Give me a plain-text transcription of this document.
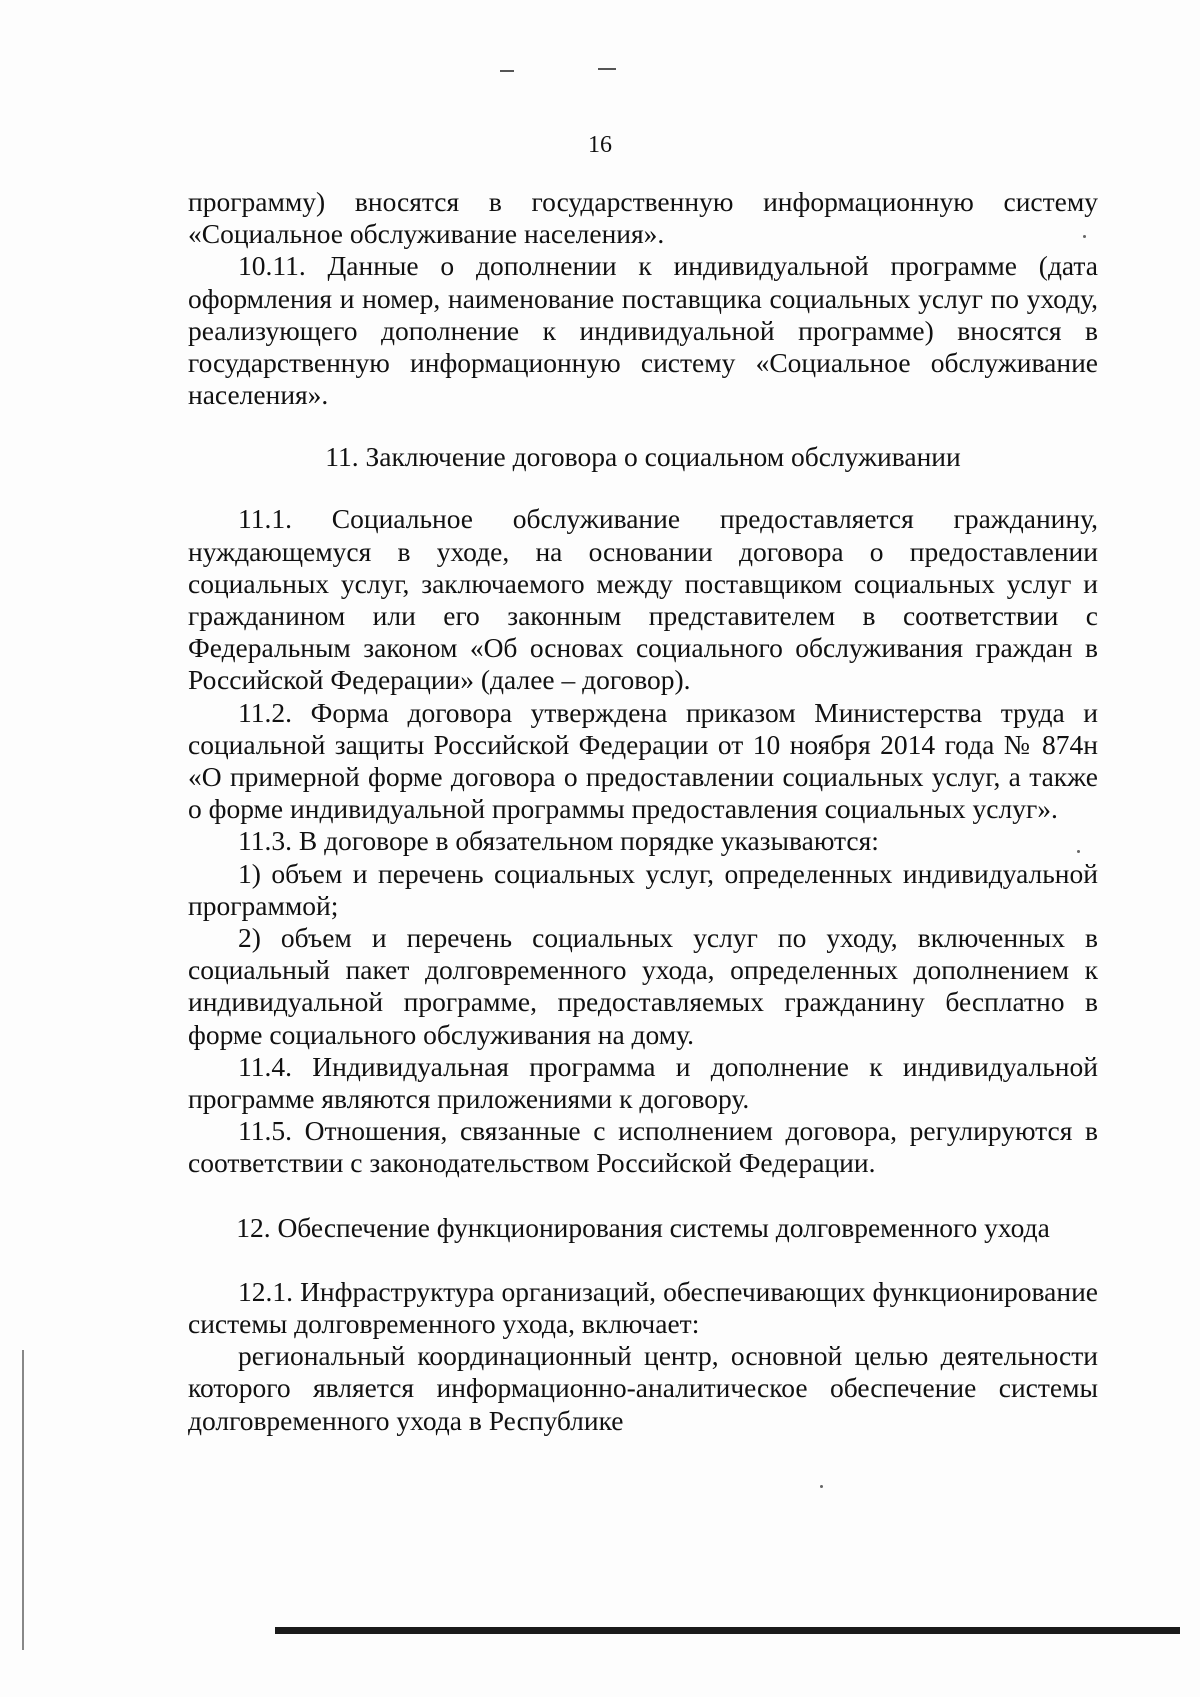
16

программу) вносятся в государственную информационную систему «Социальное обслуживание населения».

10.11. Данные о дополнении к индивидуальной программе (дата оформления и номер, наименование поставщика социальных услуг по уходу, реализующего дополнение к индивидуальной программе) вносятся в государственную информационную систему «Социальное обслуживание населения».

11. Заключение договора о социальном обслуживании

11.1. Социальное обслуживание предоставляется гражданину, нуждающемуся в уходе, на основании договора о предоставлении социальных услуг, заключаемого между поставщиком социальных услуг и гражданином или его законным представителем в соответствии с Федеральным законом «Об основах социального обслуживания граждан в Российской Федерации» (далее – договор).

11.2. Форма договора утверждена приказом Министерства труда и социальной защиты Российской Федерации от 10 ноября 2014 года № 874н «О примерной форме договора о предоставлении социальных услуг, а также о форме индивидуальной программы предоставления социальных услуг».

11.3. В договоре в обязательном порядке указываются:

1) объем и перечень социальных услуг, определенных индивидуальной программой;

2) объем и перечень социальных услуг по уходу, включенных в социальный пакет долговременного ухода, определенных дополнением к индивидуальной программе, предоставляемых гражданину бесплатно в форме социального обслуживания на дому.

11.4. Индивидуальная программа и дополнение к индивидуальной программе являются приложениями к договору.

11.5. Отношения, связанные с исполнением договора, регулируются в соответствии с законодательством Российской Федерации.

12. Обеспечение функционирования системы долговременного ухода

12.1. Инфраструктура организаций, обеспечивающих функционирование системы долговременного ухода, включает:

региональный координационный центр, основной целью деятельности которого является информационно-аналитическое обеспечение системы долговременного ухода в Республике
